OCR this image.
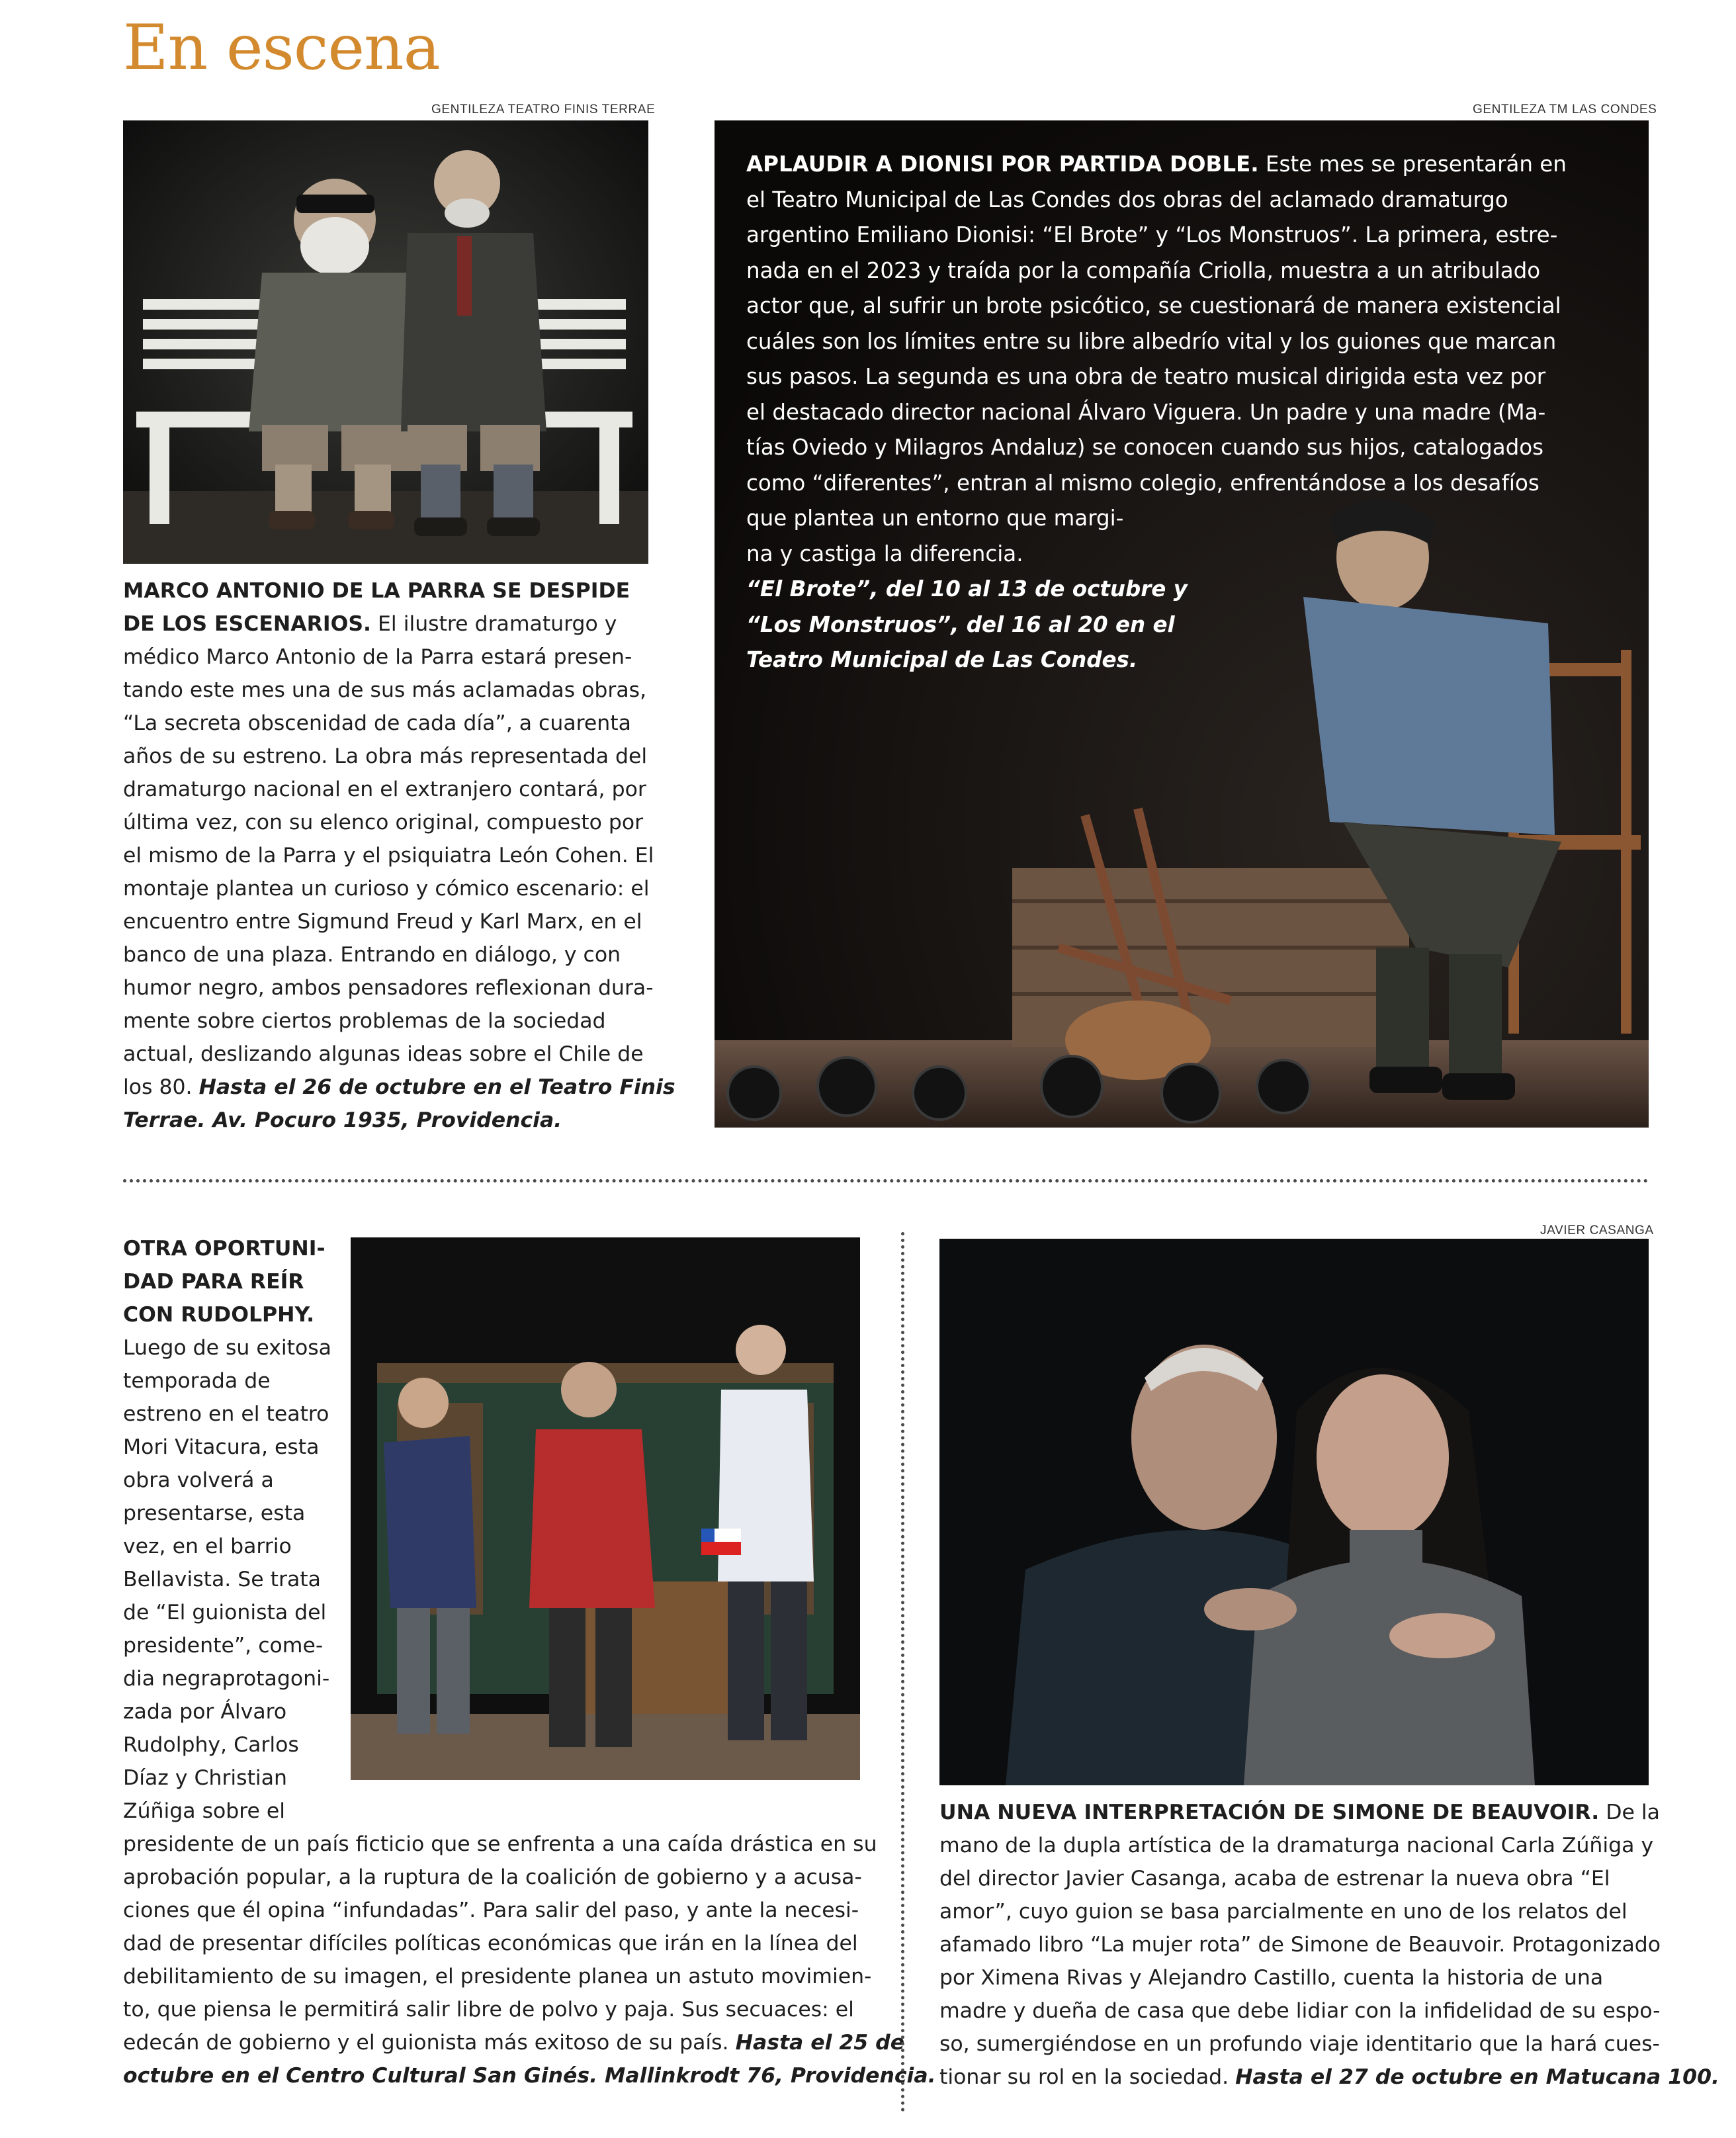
En escena
GENTILEZA TEATRO FINIS TERRAE	GENTILEZA TM LAS CONDES
JAVIER CASANGA
MARCO ANTONIO DE LA PARRA SE DESPIDE
DE LOS ESCENARIOS. El ilustre dramaturgo y
médico Marco Antonio de la Parra estará presen-
tando este mes una de sus más aclamadas obras,
“La secreta obscenidad de cada día”, a cuarenta
años de su estreno. La obra más representada del
dramaturgo nacional en el extranjero contará, por
última vez, con su elenco original, compuesto por
el mismo de la Parra y el psiquiatra León Cohen. El
montaje plantea un curioso y cómico escenario: el
encuentro entre Sigmund Freud y Karl Marx, en el
banco de una plaza. Entrando en diálogo, y con
humor negro, ambos pensadores reflexionan dura-
mente sobre ciertos problemas de la sociedad
actual, deslizando algunas ideas sobre el Chile de
los 80. Hasta el 26 de octubre en el Teatro Finis
Terrae. Av. Pocuro 1935, Providencia.
APLAUDIR A DIONISI POR PARTIDA DOBLE. Este mes se presentarán en
el Teatro Municipal de Las Condes dos obras del aclamado dramaturgo
argentino Emiliano Dionisi: “El Brote” y “Los Monstruos”. La primera, estre-
nada en el 2023 y traída por la compañía Criolla, muestra a un atribulado
actor que, al sufrir un brote psicótico, se cuestionará de manera existencial
cuáles son los límites entre su libre albedrío vital y los guiones que marcan
sus pasos. La segunda es una obra de teatro musical dirigida esta vez por
el destacado director nacional Álvaro Viguera. Un padre y una madre (Ma-
tías Oviedo y Milagros Andaluz) se conocen cuando sus hijos, catalogados
como “diferentes”, entran al mismo colegio, enfrentándose a los desafíos
que plantea un entorno que margi-
na y castiga la diferencia.
“El Brote”, del 10 al 13 de octubre y
“Los Monstruos”, del 16 al 20 en el
Teatro Municipal de Las Condes.
OTRA OPORTUNI-
DAD PARA REÍR
CON RUDOLPHY.
Luego de su exitosa
temporada de
estreno en el teatro
Mori Vitacura, esta
obra volverá a
presentarse, esta
vez, en el barrio
Bellavista. Se trata
de “El guionista del
presidente”, come-
dia negraprotagoni-
zada por Álvaro
Rudolphy, Carlos
Díaz y Christian
Zúñiga sobre el
presidente de un país ficticio que se enfrenta a una caída drástica en su
aprobación popular, a la ruptura de la coalición de gobierno y a acusa-
ciones que él opina “infundadas”. Para salir del paso, y ante la necesi-
dad de presentar difíciles políticas económicas que irán en la línea del
debilitamiento de su imagen, el presidente planea un astuto movimien-
to, que piensa le permitirá salir libre de polvo y paja. Sus secuaces: el
edecán de gobierno y el guionista más exitoso de su país. Hasta el 25 de
octubre en el Centro Cultural San Ginés. Mallinkrodt 76, Providencia.
UNA NUEVA INTERPRETACIÓN DE SIMONE DE BEAUVOIR. De la
mano de la dupla artística de la dramaturga nacional Carla Zúñiga y
del director Javier Casanga, acaba de estrenar la nueva obra “El
amor”, cuyo guion se basa parcialmente en uno de los relatos del
afamado libro “La mujer rota” de Simone de Beauvoir. Protagonizado
por Ximena Rivas y Alejandro Castillo, cuenta la historia de una
madre y dueña de casa que debe lidiar con la infidelidad de su espo-
so, sumergiéndose en un profundo viaje identitario que la hará cues-
tionar su rol en la sociedad. Hasta el 27 de octubre en Matucana 100.
